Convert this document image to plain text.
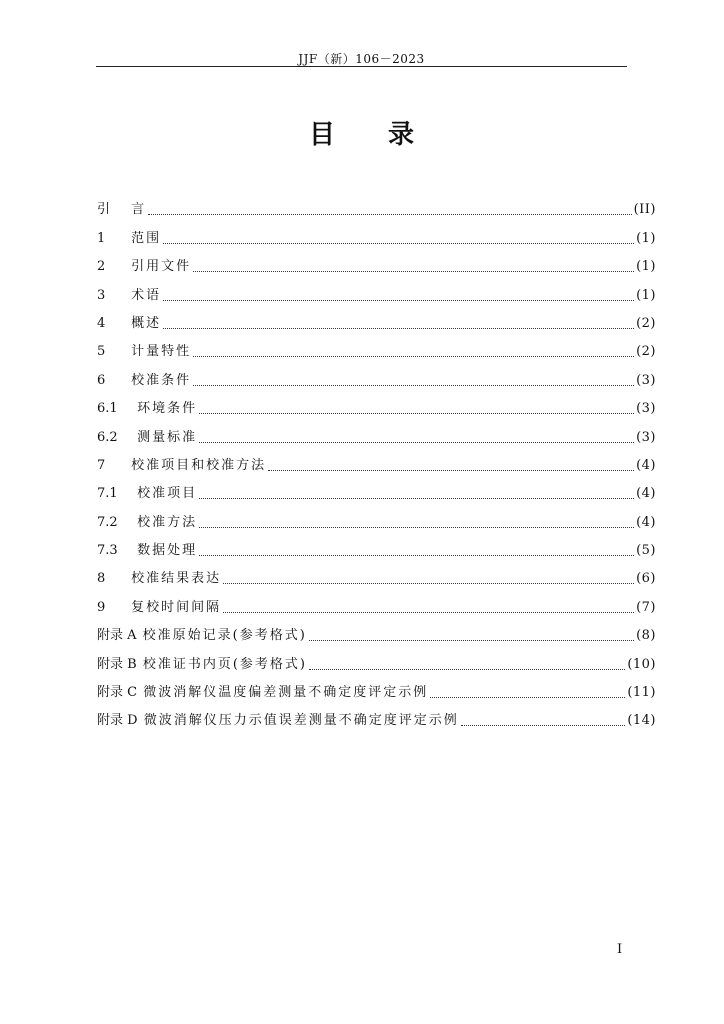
JJF（新）106－2023
目 录
引 言	(II)
1 范围	(1)
2 引用文件	(1)
3 术语	(1)
4 概述	(2)
5 计量特性	(2)
6 校准条件	(3)
6.1 环境条件	(3)
6.2 测量标准	(3)
7 校准项目和校准方法	(4)
7.1 校准项目	(4)
7.2 校准方法	(4)
7.3 数据处理	(5)
8 校准结果表达	(6)
9 复校时间间隔	(7)
附录 A 校准原始记录(参考格式)	(8)
附录 B 校准证书内页(参考格式)	(10)
附录 C 微波消解仪温度偏差测量不确定度评定示例	(11)
附录 D 微波消解仪压力示值误差测量不确定度评定示例	(14)
I
